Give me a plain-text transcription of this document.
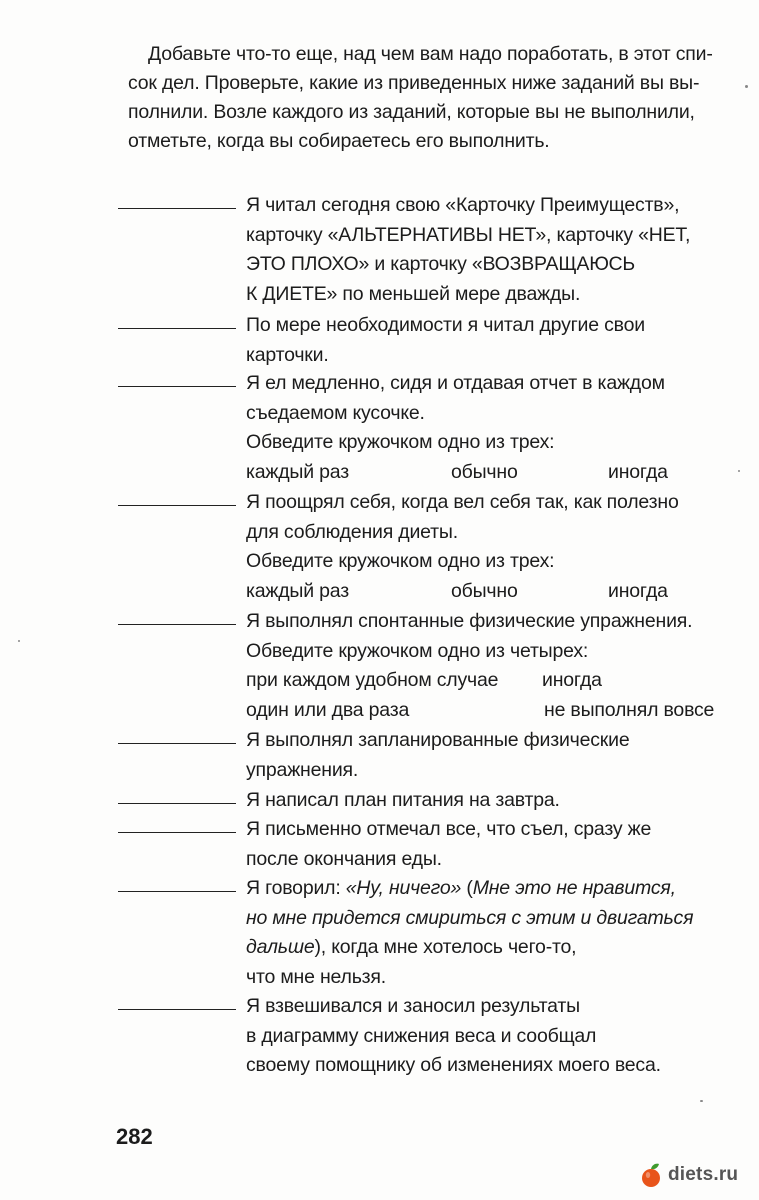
Добавьте что-то еще, над чем вам надо поработать, в этот спи-
сок дел. Проверьте, какие из приведенных ниже заданий вы вы-
полнили. Возле каждого из заданий, которые вы не выполнили,
отметьте, когда вы собираетесь его выполнить.
Я читал сегодня свою «Карточку Преимуществ»,
карточку «АЛЬТЕРНАТИВЫ НЕТ», карточку «НЕТ,
ЭТО ПЛОХО» и карточку «ВОЗВРАЩАЮСЬ
К ДИЕТЕ» по меньшей мере дважды.
По мере необходимости я читал другие свои
карточки.
Я ел медленно, сидя и отдавая отчет в каждом
съедаемом кусочке.
Обведите кружочком одно из трех:
каждый раз	обычно	иногда
Я поощрял себя, когда вел себя так, как полезно
для соблюдения диеты.
Обведите кружочком одно из трех:
каждый раз	обычно	иногда
Я выполнял спонтанные физические упражнения.
Обведите кружочком одно из четырех:
при каждом удобном случае иногда
один или два раза	не выполнял вовсе
Я выполнял запланированные физические
упражнения.
Я написал план питания на завтра.
Я письменно отмечал все, что съел, сразу же
после окончания еды.
Я говорил: «Ну, ничего» (Мне это не нравится,
но мне придется смириться с этим и двигаться
дальше), когда мне хотелось чего-то,
что мне нельзя.
Я взвешивался и заносил результаты
в диаграмму снижения веса и сообщал
своему помощнику об изменениях моего веса.
282
diets.ru
